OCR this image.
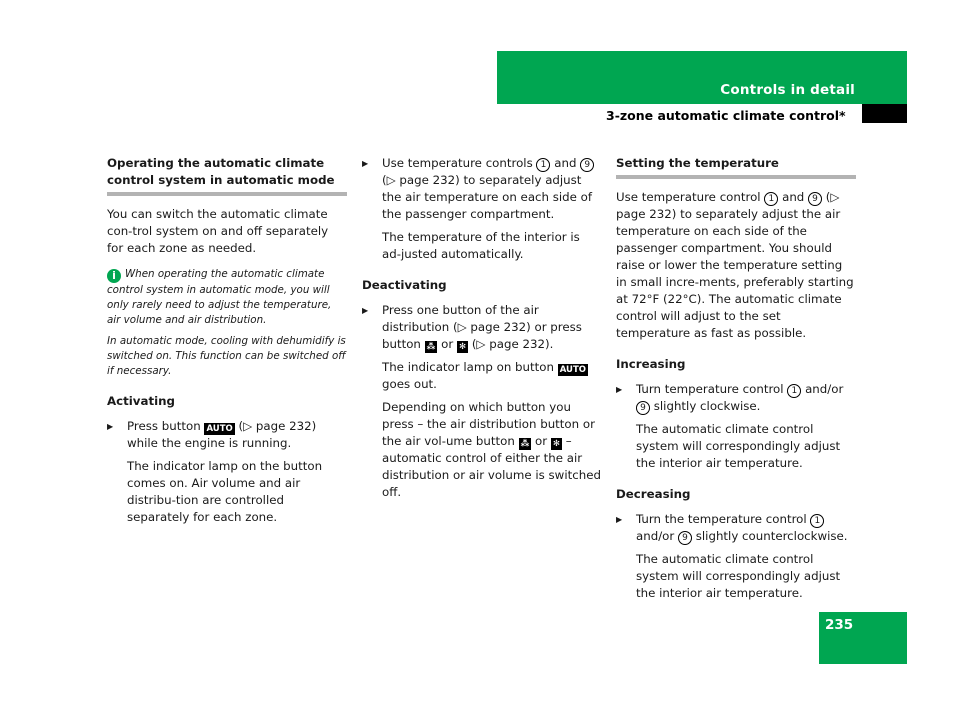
Controls in detail
3-zone automatic climate control*

Operating the automatic climate control system in automatic mode

You can switch the automatic climate con-trol system on and off separately for each zone as needed.

i When operating the automatic climate control system in automatic mode, you will only rarely need to adjust the temperature, air volume and air distribution.

In automatic mode, cooling with dehumidify is switched on. This function can be switched off if necessary.

Activating

▶ Press button AUTO (▷ page 232) while the engine is running.

The indicator lamp on the button comes on. Air volume and air distribu-tion are controlled separately for each zone.

▶ Use temperature controls 1 and 9 (▷ page 232) to separately adjust the air temperature on each side of the passenger compartment.

The temperature of the interior is ad-justed automatically.

Deactivating

▶ Press one button of the air distribution (▷ page 232) or press button ⁂ or ✻ (▷ page 232).

The indicator lamp on button AUTO goes out.

Depending on which button you press – the air distribution button or the air vol-ume button ⁂ or ✻ – automatic control of either the air distribution or air volume is switched off.

Setting the temperature

Use temperature control 1 and 9 (▷ page 232) to separately adjust the air temperature on each side of the passenger compartment. You should raise or lower the temperature setting in small incre-ments, preferably starting at 72°F (22°C). The automatic climate control will adjust to the set temperature as fast as possible.

Increasing

▶ Turn temperature control 1 and/or 9 slightly clockwise.

The automatic climate control system will correspondingly adjust the interior air temperature.

Decreasing

▶ Turn the temperature control 1 and/or 9 slightly counterclockwise.

The automatic climate control system will correspondingly adjust the interior air temperature.

235
